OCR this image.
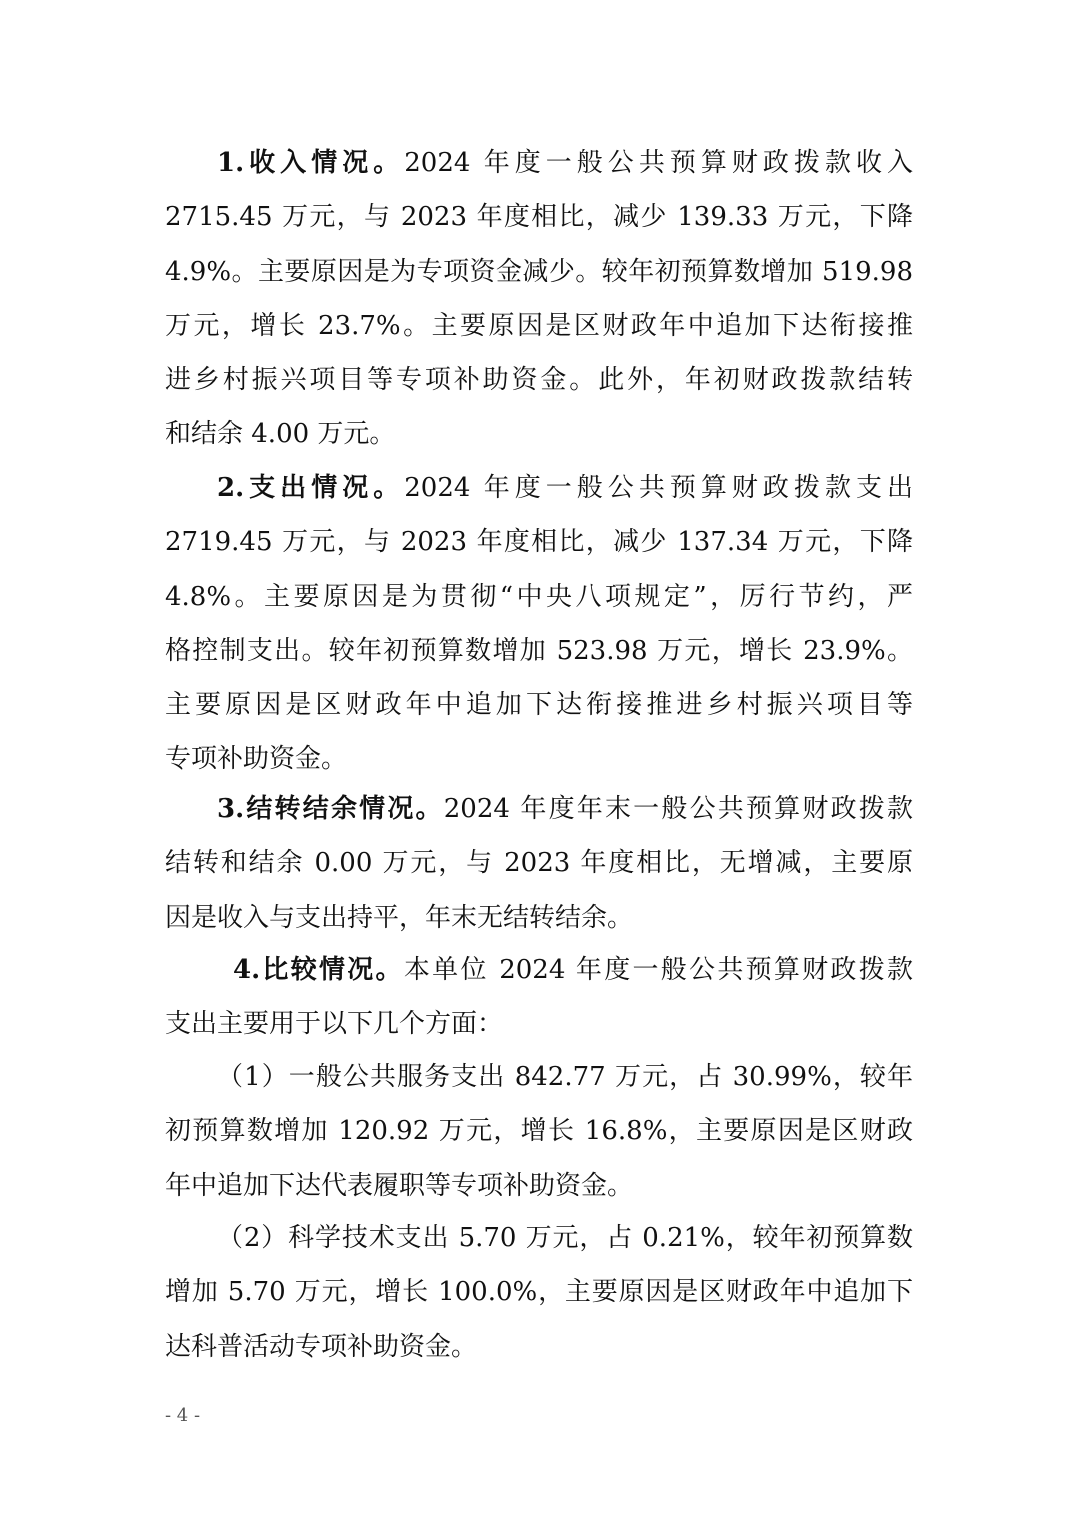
1.收入情况。2024 年度一般公共预算财政拨款收入
2715.45 万元，与 2023 年度相比，减少 139.33 万元，下降
4.9%。主要原因是为专项资金减少。较年初预算数增加 519.98
万元，增长 23.7%。主要原因是区财政年中追加下达衔接推
进乡村振兴项目等专项补助资金。此外，年初财政拨款结转
和结余 4.00 万元。
2.支出情况。2024 年度一般公共预算财政拨款支出
2719.45 万元，与 2023 年度相比，减少 137.34 万元，下降
4.8%。主要原因是为贯彻“中央八项规定”，厉行节约，严
格控制支出。较年初预算数增加 523.98 万元，增长 23.9%。
主要原因是区财政年中追加下达衔接推进乡村振兴项目等
专项补助资金。
3.结转结余情况。2024 年度年末一般公共预算财政拨款
结转和结余 0.00 万元，与 2023 年度相比，无增减，主要原
因是收入与支出持平，年末无结转结余。
4.比较情况。本单位 2024 年度一般公共预算财政拨款
支出主要用于以下几个方面：
（1）一般公共服务支出 842.77 万元，占 30.99%，较年
初预算数增加 120.92 万元，增长 16.8%，主要原因是区财政
年中追加下达代表履职等专项补助资金。
（2）科学技术支出 5.70 万元，占 0.21%，较年初预算数
增加 5.70 万元，增长 100.0%，主要原因是区财政年中追加下
达科普活动专项补助资金。
- 4 -
